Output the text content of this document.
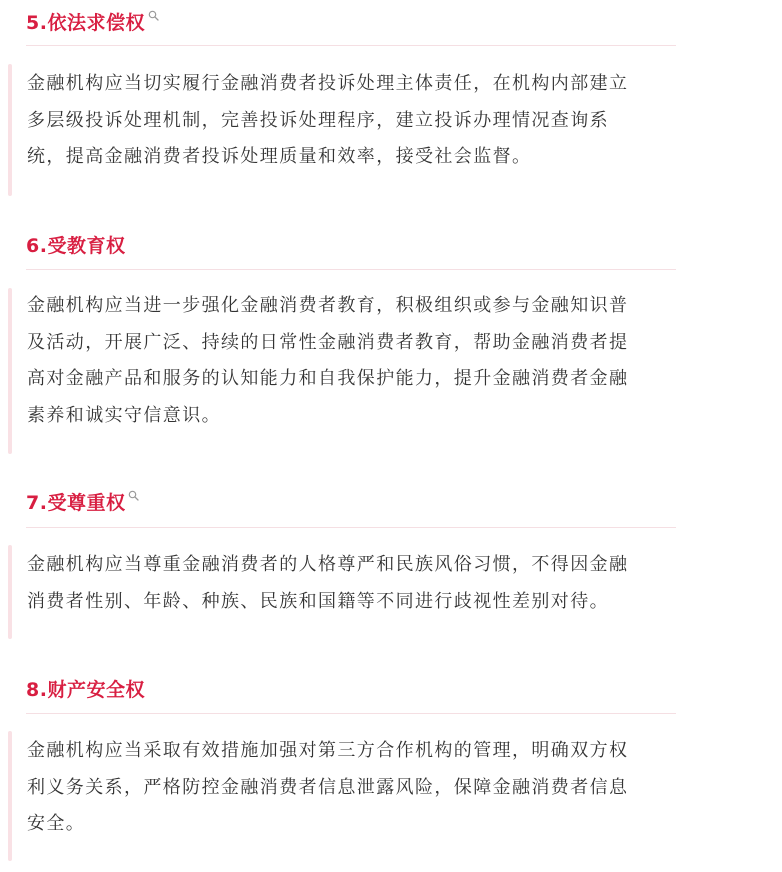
5.依法求偿权

金融机构应当切实履行金融消费者投诉处理主体责任，在机构内部建立
多层级投诉处理机制，完善投诉处理程序，建立投诉办理情况查询系
统，提高金融消费者投诉处理质量和效率，接受社会监督。

6.受教育权

金融机构应当进一步强化金融消费者教育，积极组织或参与金融知识普
及活动，开展广泛、持续的日常性金融消费者教育，帮助金融消费者提
高对金融产品和服务的认知能力和自我保护能力，提升金融消费者金融
素养和诚实守信意识。

7.受尊重权

金融机构应当尊重金融消费者的人格尊严和民族风俗习惯，不得因金融
消费者性别、年龄、种族、民族和国籍等不同进行歧视性差别对待。

8.财产安全权

金融机构应当采取有效措施加强对第三方合作机构的管理，明确双方权
利义务关系，严格防控金融消费者信息泄露风险，保障金融消费者信息
安全。
